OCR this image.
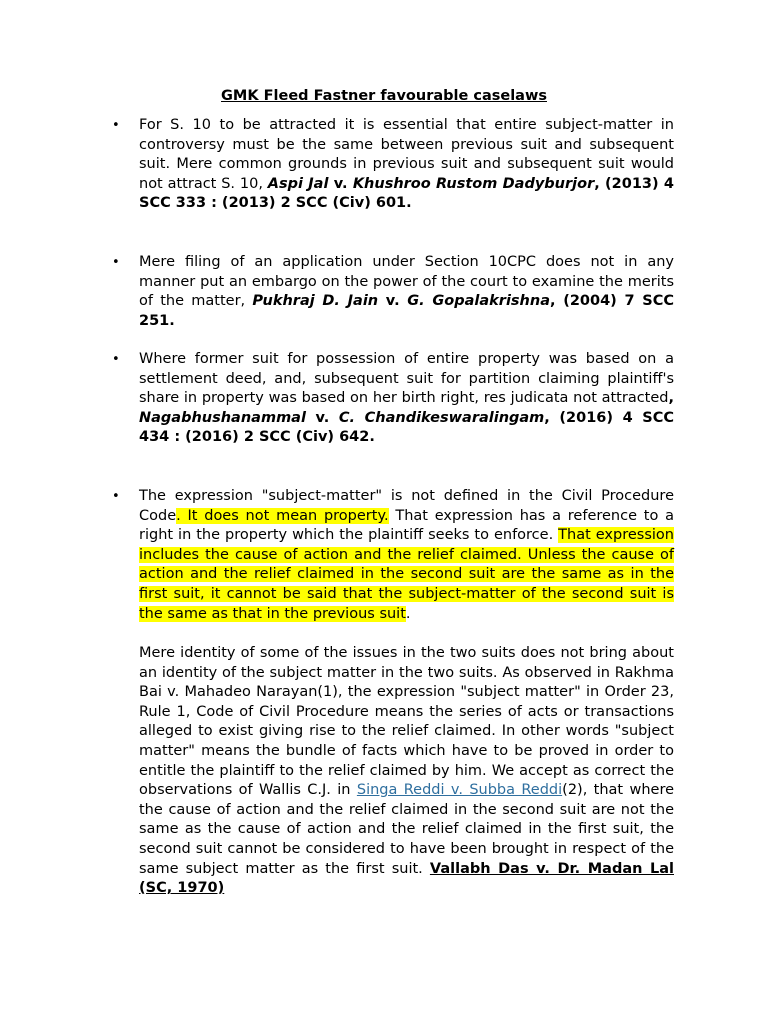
GMK Fleed Fastner favourable caselaws
• For S. 10 to be attracted it is essential that entire subject-matter in controversy must be the same between previous suit and subsequent suit. Mere common grounds in previous suit and subsequent suit would not attract S. 10, Aspi Jal v. Khushroo Rustom Dadyburjor, (2013) 4 SCC 333 : (2013) 2 SCC (Civ) 601.
• Mere filing of an application under Section 10CPC does not in any manner put an embargo on the power of the court to examine the merits of the matter, Pukhraj D. Jain v. G. Gopalakrishna, (2004) 7 SCC 251.
• Where former suit for possession of entire property was based on a settlement deed, and, subsequent suit for partition claiming plaintiff's share in property was based on her birth right, res judicata not attracted, Nagabhushanammal v. C. Chandikeswaralingam, (2016) 4 SCC 434 : (2016) 2 SCC (Civ) 642.
• The expression "subject-matter" is not defined in the Civil Procedure Code. It does not mean property. That expression has a reference to a right in the property which the plaintiff seeks to enforce. That expression includes the cause of action and the relief claimed. Unless the cause of action and the relief claimed in the second suit are the same as in the first suit, it cannot be said that the subject-matter of the second suit is the same as that in the previous suit.
Mere identity of some of the issues in the two suits does not bring about an identity of the subject matter in the two suits. As observed in Rakhma Bai v. Mahadeo Narayan(1), the expression "subject matter" in Order 23, Rule 1, Code of Civil Procedure means the series of acts or transactions alleged to exist giving rise to the relief claimed. In other words "subject matter" means the bundle of facts which have to be proved in order to entitle the plaintiff to the relief claimed by him. We accept as correct the observations of Wallis C.J. in Singa Reddi v. Subba Reddi(2), that where the cause of action and the relief claimed in the second suit are not the same as the cause of action and the relief claimed in the first suit, the second suit cannot be considered to have been brought in respect of the same subject matter as the first suit. Vallabh Das v. Dr. Madan Lal (SC, 1970)
